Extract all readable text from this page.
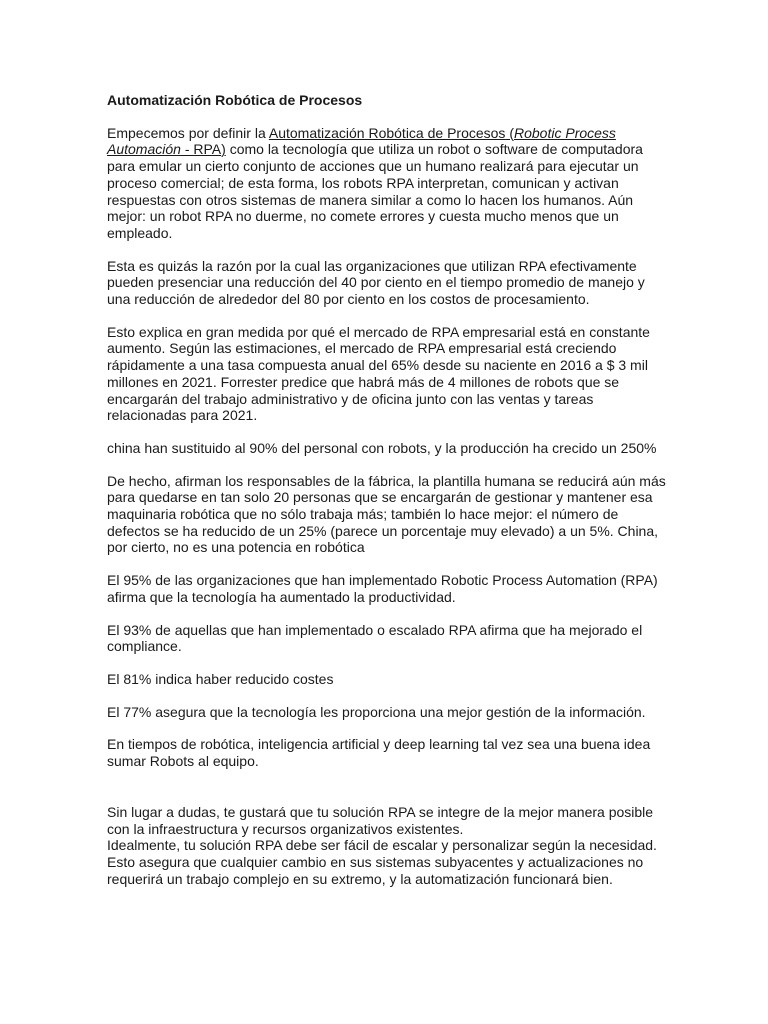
Automatización Robótica de Procesos

Empecemos por definir la Automatización Robótica de Procesos (Robotic Process Automación - RPA) como la tecnología que utiliza un robot o software de computadora para emular un cierto conjunto de acciones que un humano realizará para ejecutar un proceso comercial; de esta forma, los robots RPA interpretan, comunican y activan respuestas con otros sistemas de manera similar a como lo hacen los humanos. Aún mejor: un robot RPA no duerme, no comete errores y cuesta mucho menos que un empleado.

Esta es quizás la razón por la cual las organizaciones que utilizan RPA efectivamente pueden presenciar una reducción del 40 por ciento en el tiempo promedio de manejo y una reducción de alrededor del 80 por ciento en los costos de procesamiento.

Esto explica en gran medida por qué el mercado de RPA empresarial está en constante aumento. Según las estimaciones, el mercado de RPA empresarial está creciendo rápidamente a una tasa compuesta anual del 65% desde su naciente en 2016 a $ 3 mil millones en 2021. Forrester predice que habrá más de 4 millones de robots que se encargarán del trabajo administrativo y de oficina junto con las ventas y tareas relacionadas para 2021.

china han sustituido al 90% del personal con robots, y la producción ha crecido un 250%

De hecho, afirman los responsables de la fábrica, la plantilla humana se reducirá aún más para quedarse en tan solo 20 personas que se encargarán de gestionar y mantener esa maquinaria robótica que no sólo trabaja más; también lo hace mejor: el número de defectos se ha reducido de un 25% (parece un porcentaje muy elevado) a un 5%. China, por cierto, no es una potencia en robótica

El 95% de las organizaciones que han implementado Robotic Process Automation (RPA) afirma que la tecnología ha aumentado la productividad.

El 93% de aquellas que han implementado o escalado RPA afirma que ha mejorado el compliance.

El 81% indica haber reducido costes

El 77% asegura que la tecnología les proporciona una mejor gestión de la información.

En tiempos de robótica, inteligencia artificial y deep learning tal vez sea una buena idea sumar Robots al equipo.

Sin lugar a dudas, te gustará que tu solución RPA se integre de la mejor manera posible con la infraestructura y recursos organizativos existentes.

Idealmente, tu solución RPA debe ser fácil de escalar y personalizar según la necesidad. Esto asegura que cualquier cambio en sus sistemas subyacentes y actualizaciones no requerirá un trabajo complejo en su extremo, y la automatización funcionará bien.
